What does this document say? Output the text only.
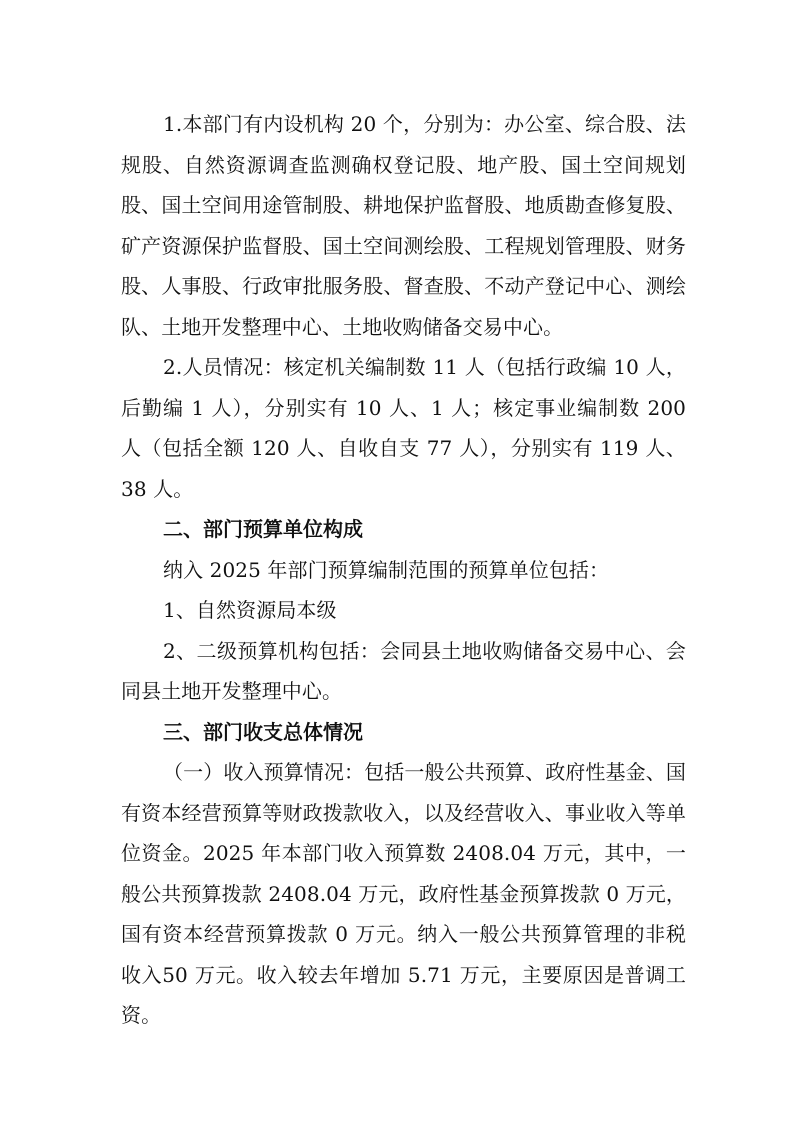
1.本部门有内设机构 20 个，分别为：办公室、综合股、法规股、自然资源调查监测确权登记股、地产股、国土空间规划股、国土空间用途管制股、耕地保护监督股、地质勘查修复股、矿产资源保护监督股、国土空间测绘股、工程规划管理股、财务股、人事股、行政审批服务股、督查股、不动产登记中心、测绘队、土地开发整理中心、土地收购储备交易中心。

2.人员情况：核定机关编制数 11 人（包括行政编 10 人，后勤编 1 人），分别实有 10 人、1 人；核定事业编制数 200 人（包括全额 120 人、自收自支 77 人），分别实有 119 人、38 人。

二、部门预算单位构成

纳入 2025 年部门预算编制范围的预算单位包括：

1、自然资源局本级

2、二级预算机构包括：会同县土地收购储备交易中心、会同县土地开发整理中心。

三、部门收支总体情况

（一）收入预算情况：包括一般公共预算、政府性基金、国有资本经营预算等财政拨款收入，以及经营收入、事业收入等单位资金。2025 年本部门收入预算数 2408.04 万元，其中，一般公共预算拨款 2408.04 万元，政府性基金预算拨款 0 万元，国有资本经营预算拨款 0 万元。纳入一般公共预算管理的非税收入50 万元。收入较去年增加 5.71 万元，主要原因是普调工资。
